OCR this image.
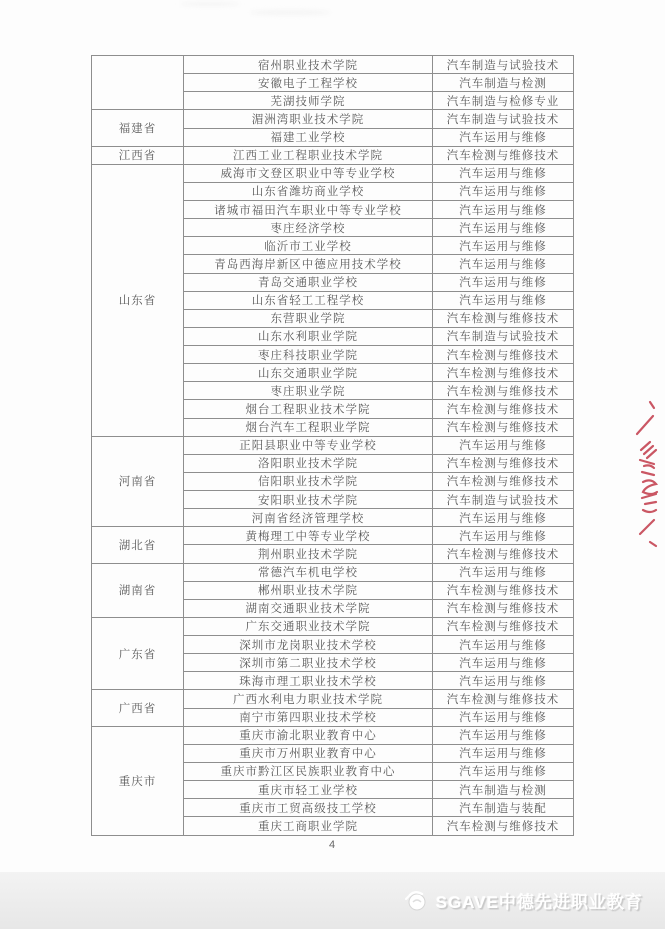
	宿州职业技术学院	汽车制造与试验技术
	安徽电子工程学校	汽车制造与检测
	芜湖技师学院	汽车制造与检修专业
福建省	湄洲湾职业技术学院	汽车制造与试验技术
	福建工业学校	汽车运用与维修
江西省	江西工业工程职业技术学院	汽车检测与维修技术
山东省	威海市文登区职业中等专业学校	汽车运用与维修
	山东省潍坊商业学校	汽车运用与维修
	诸城市福田汽车职业中等专业学校	汽车运用与维修
	枣庄经济学校	汽车运用与维修
	临沂市工业学校	汽车运用与维修
	青岛西海岸新区中德应用技术学校	汽车运用与维修
	青岛交通职业学校	汽车运用与维修
	山东省轻工工程学校	汽车运用与维修
	东营职业学院	汽车检测与维修技术
	山东水利职业学院	汽车制造与试验技术
	枣庄科技职业学院	汽车检测与维修技术
	山东交通职业学院	汽车检测与维修技术
	枣庄职业学院	汽车检测与维修技术
	烟台工程职业技术学院	汽车检测与维修技术
	烟台汽车工程职业学院	汽车检测与维修技术
河南省	正阳县职业中等专业学校	汽车运用与维修
	洛阳职业技术学院	汽车检测与维修技术
	信阳职业技术学院	汽车检测与维修技术
	安阳职业技术学院	汽车制造与试验技术
	河南省经济管理学校	汽车运用与维修
湖北省	黄梅理工中等专业学校	汽车运用与维修
	荆州职业技术学院	汽车检测与维修技术
湖南省	常德汽车机电学校	汽车运用与维修
	郴州职业技术学院	汽车检测与维修技术
	湖南交通职业技术学院	汽车检测与维修技术
广东省	广东交通职业技术学院	汽车检测与维修技术
	深圳市龙岗职业技术学校	汽车运用与维修
	深圳市第二职业技术学校	汽车运用与维修
	珠海市理工职业技术学校	汽车运用与维修
广西省	广西水利电力职业技术学院	汽车检测与维修技术
	南宁市第四职业技术学校	汽车运用与维修
重庆市	重庆市渝北职业教育中心	汽车运用与维修
	重庆市万州职业教育中心	汽车运用与维修
	重庆市黔江区民族职业教育中心	汽车运用与维修
	重庆市轻工业学校	汽车制造与检测
	重庆市工贸高级技工学校	汽车制造与装配
	重庆工商职业学院	汽车检测与维修技术
4
SGAVE中德先进职业教育
